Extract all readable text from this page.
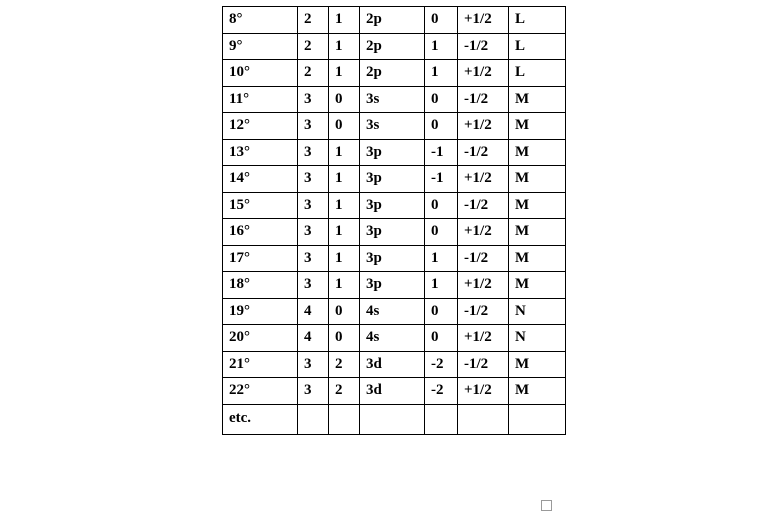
8°	2	1	2p	0	+1/2	L
9°	2	1	2p	1	-1/2	L
10°	2	1	2p	1	+1/2	L
11°	3	0	3s	0	-1/2	M
12°	3	0	3s	0	+1/2	M
13°	3	1	3p	-1	-1/2	M
14°	3	1	3p	-1	+1/2	M
15°	3	1	3p	0	-1/2	M
16°	3	1	3p	0	+1/2	M
17°	3	1	3p	1	-1/2	M
18°	3	1	3p	1	+1/2	M
19°	4	0	4s	0	-1/2	N
20°	4	0	4s	0	+1/2	N
21°	3	2	3d	-2	-1/2	M
22°	3	2	3d	-2	+1/2	M
etc.						
